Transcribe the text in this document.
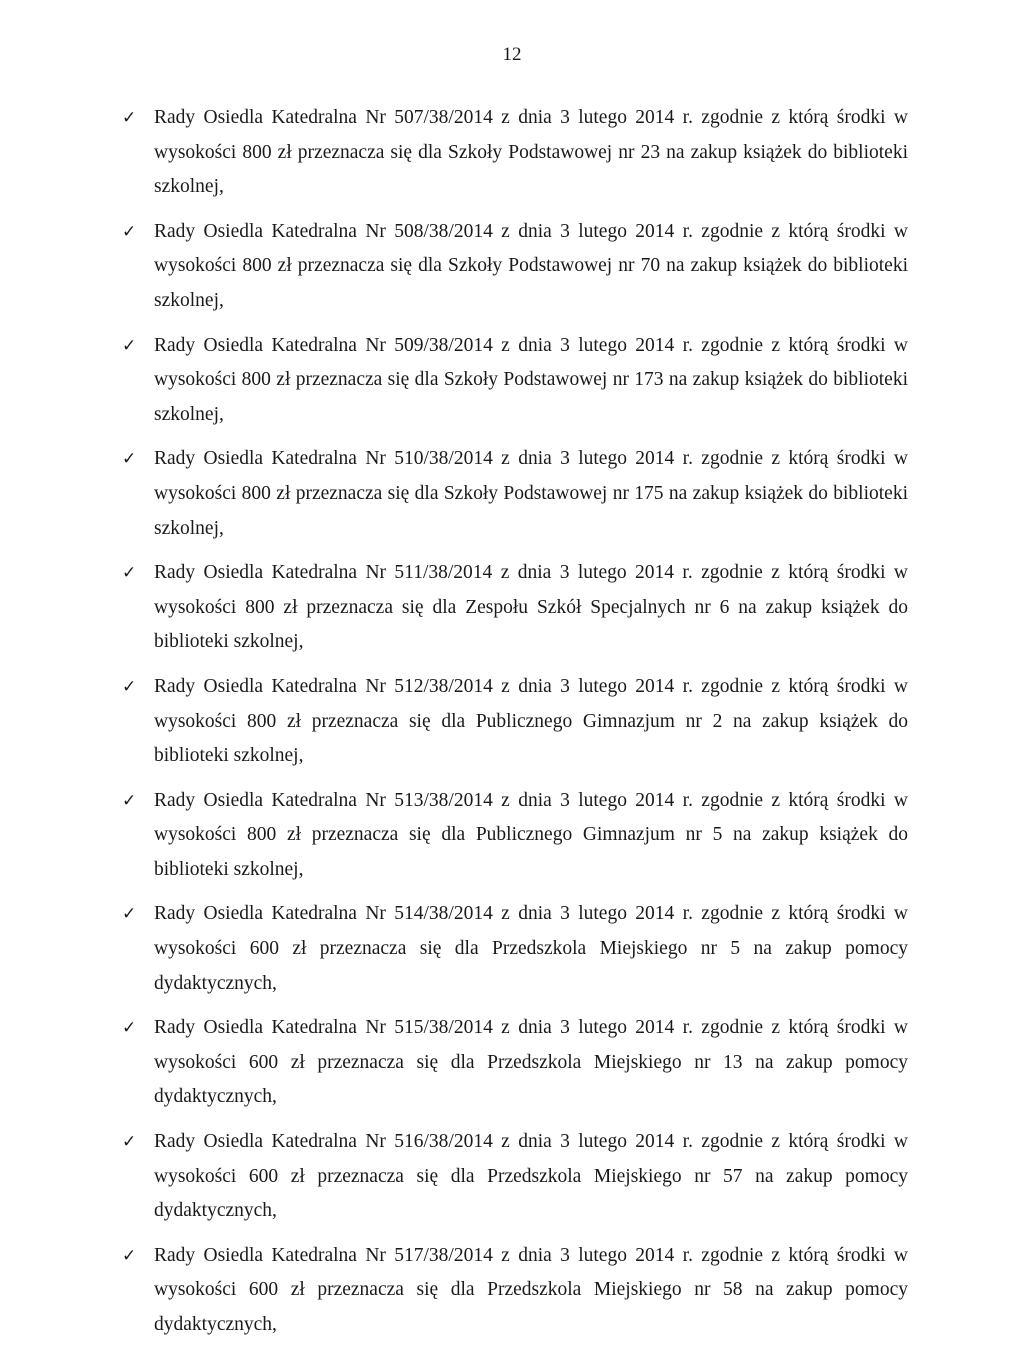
12
✓ Rady Osiedla Katedralna Nr 507/38/2014 z dnia 3 lutego 2014 r. zgodnie z którą środki w wysokości 800 zł przeznacza się dla Szkoły Podstawowej nr 23 na zakup książek do biblioteki szkolnej,
✓ Rady Osiedla Katedralna Nr 508/38/2014 z dnia 3 lutego 2014 r. zgodnie z którą środki w wysokości 800 zł przeznacza się dla Szkoły Podstawowej nr 70 na zakup książek do biblioteki szkolnej,
✓ Rady Osiedla Katedralna Nr 509/38/2014 z dnia 3 lutego 2014 r. zgodnie z którą środki w wysokości 800 zł przeznacza się dla Szkoły Podstawowej nr 173 na zakup książek do biblioteki szkolnej,
✓ Rady Osiedla Katedralna Nr 510/38/2014 z dnia 3 lutego 2014 r. zgodnie z którą środki w wysokości 800 zł przeznacza się dla Szkoły Podstawowej nr 175 na zakup książek do biblioteki szkolnej,
✓ Rady Osiedla Katedralna Nr 511/38/2014 z dnia 3 lutego 2014 r. zgodnie z którą środki w wysokości 800 zł przeznacza się dla Zespołu Szkół Specjalnych nr 6 na zakup książek do biblioteki szkolnej,
✓ Rady Osiedla Katedralna Nr 512/38/2014 z dnia 3 lutego 2014 r. zgodnie z którą środki w wysokości 800 zł przeznacza się dla Publicznego Gimnazjum nr 2 na zakup książek do biblioteki szkolnej,
✓ Rady Osiedla Katedralna Nr 513/38/2014 z dnia 3 lutego 2014 r. zgodnie z którą środki w wysokości 800 zł przeznacza się dla Publicznego Gimnazjum nr 5 na zakup książek do biblioteki szkolnej,
✓ Rady Osiedla Katedralna Nr 514/38/2014 z dnia 3 lutego 2014 r. zgodnie z którą środki w wysokości 600 zł przeznacza się dla Przedszkola Miejskiego nr 5 na zakup pomocy dydaktycznych,
✓ Rady Osiedla Katedralna Nr 515/38/2014 z dnia 3 lutego 2014 r. zgodnie z którą środki w wysokości 600 zł przeznacza się dla Przedszkola Miejskiego nr 13 na zakup pomocy dydaktycznych,
✓ Rady Osiedla Katedralna Nr 516/38/2014 z dnia 3 lutego 2014 r. zgodnie z którą środki w wysokości 600 zł przeznacza się dla Przedszkola Miejskiego nr 57 na zakup pomocy dydaktycznych,
✓ Rady Osiedla Katedralna Nr 517/38/2014 z dnia 3 lutego 2014 r. zgodnie z którą środki w wysokości 600 zł przeznacza się dla Przedszkola Miejskiego nr 58 na zakup pomocy dydaktycznych,
